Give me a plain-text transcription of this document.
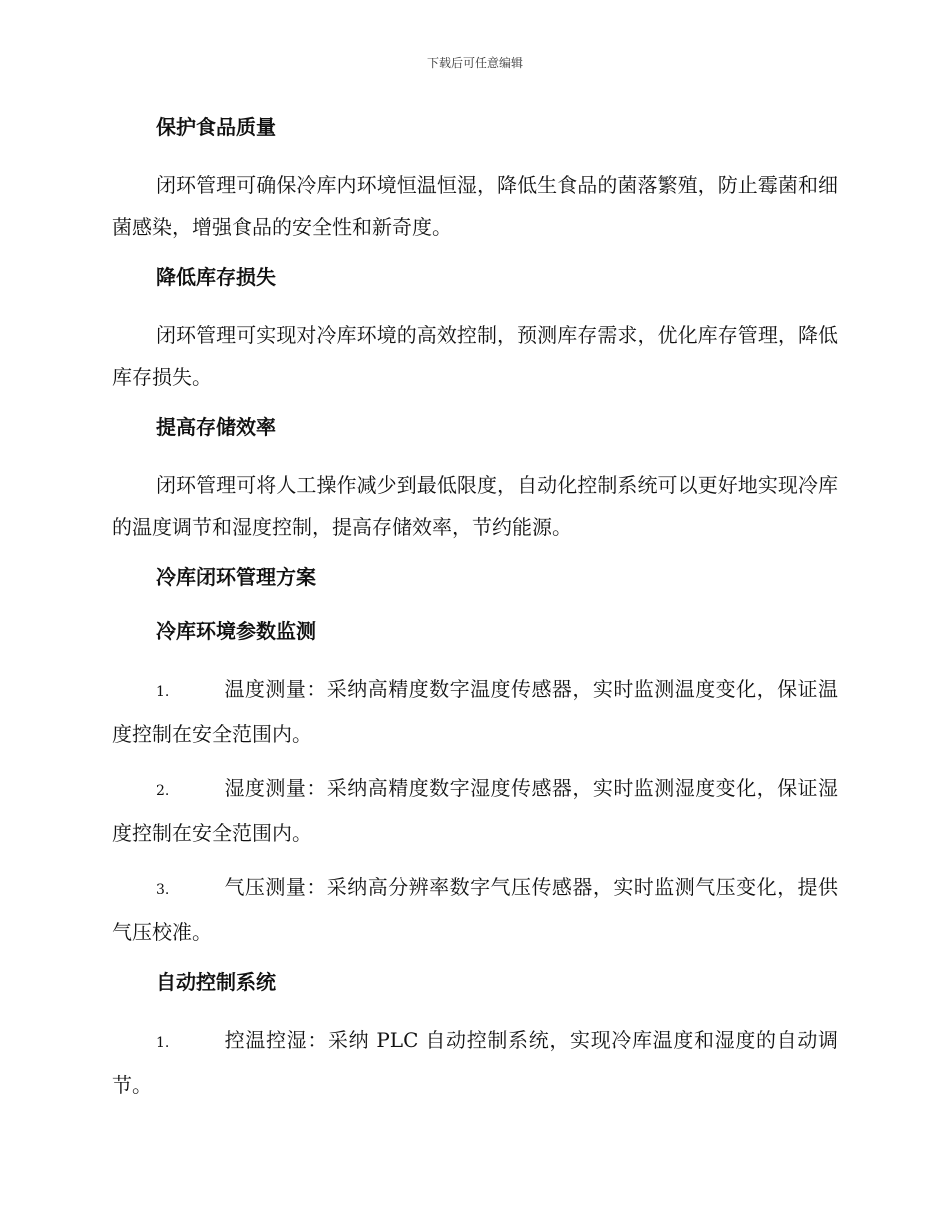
下载后可任意编辑
保护食品质量
闭环管理可确保冷库内环境恒温恒湿，降低生食品的菌落繁殖，防止霉菌和细菌感染，增强食品的安全性和新奇度。
降低库存损失
闭环管理可实现对冷库环境的高效控制，预测库存需求，优化库存管理，降低库存损失。
提高存储效率
闭环管理可将人工操作减少到最低限度，自动化控制系统可以更好地实现冷库的温度调节和湿度控制，提高存储效率，节约能源。
冷库闭环管理方案
冷库环境参数监测
1.	温度测量：采纳高精度数字温度传感器，实时监测温度变化，保证温度控制在安全范围内。
2.	湿度测量：采纳高精度数字湿度传感器，实时监测湿度变化，保证湿度控制在安全范围内。
3.	气压测量：采纳高分辨率数字气压传感器，实时监测气压变化，提供气压校准。
自动控制系统
1.	控温控湿：采纳 PLC 自动控制系统，实现冷库温度和湿度的自动调节。
